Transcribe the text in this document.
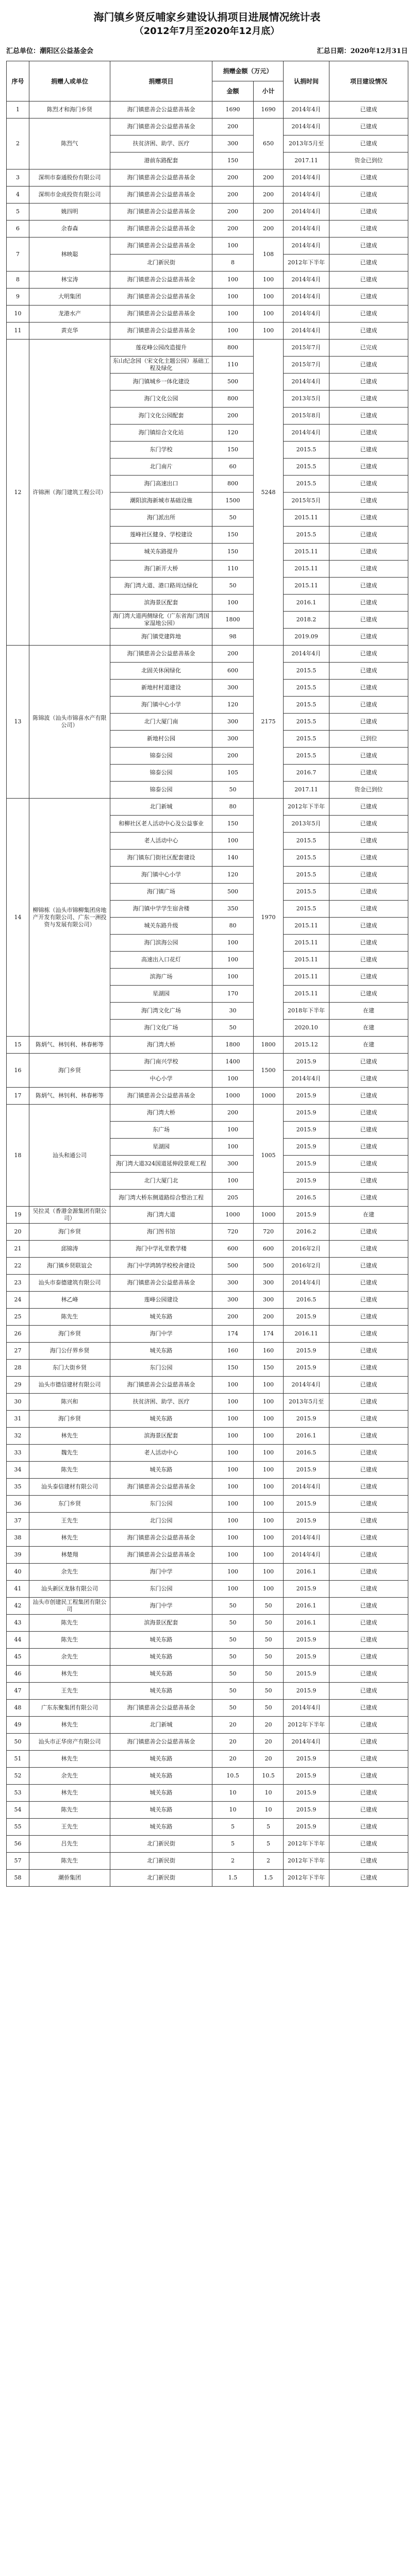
海门镇乡贤反哺家乡建设认捐项目进展情况统计表
（2012年7月至2020年12月底）
汇总单位：潮阳区公益基金会	汇总日期：2020年12月31日
序号	捐赠人或单位	捐赠项目	捐赠金额（万元）		认捐时间	项目建设情况
			金额	小计		
1	陈烈才和海门乡贤	海门镇慈善会公益慈善基金	1690	1690	2014年4月	已建成
2	陈烈气	海门镇慈善会公益慈善基金	200	650	2014年4月	已建成
		扶贫济困、助学、医疗	300		2013年5月至	已建成
		港前东路配套	150		2017.11	资金已到位
3	深圳市泰通股份有限公司	海门镇慈善会公益慈善基金	200	200	2014年4月	已建成
4	深圳市金成投资有限公司	海门镇慈善会公益慈善基金	200	200	2014年4月	已建成
5	姚四明	海门镇慈善会公益慈善基金	200	200	2014年4月	已建成
6	余春森	海门镇慈善会公益慈善基金	200	200	2014年4月	已建成
7	林映聪	海门镇慈善会公益慈善基金	100	108	2014年4月	已建成
		北门新民街	8		2012年下半年	已建成
8	林宝涛	海门镇慈善会公益慈善基金	100	100	2014年4月	已建成
9	大明集团	海门镇慈善会公益慈善基金	100	100	2014年4月	已建成
10	龙港水产	海门镇慈善会公益慈善基金	100	100	2014年4月	已建成
11	黄克华	海门镇慈善会公益慈善基金	100	100	2014年4月	已建成
12	许锦洲（海门建筑工程公司）	莲花峰公园改造提升	800	5248	2015年7月	已完成
		东山纪念园（宋文化主题公园）基础工程及绿化	110		2015年7月	已建成
		海门镇城乡一体化建设	500		2014年4月	已建成
		海门文化公园	800		2013年5月	已建成
		海门文化公园配套	200		2015年8月	已建成
		海门镇综合文化站	120		2014年4月	已建成
		东门学校	150		2015.5	已建成
		北门南片	60		2015.5	已建成
		海门高速出口	800		2015.5	已建成
		潮阳滨海新城市基础设施	1500		2015年5月	已建成
		海门派出所	50		2015.11	已建成
		莲峰社区健身、学校建设	150		2015.5	已建成
		城关东路提升	150		2015.11	已建成
		海门新开大桥	110		2015.11	已建成
		海门湾大道、港口路周边绿化	50		2015.11	已建成
		滨海景区配套	100		2016.1	已建成
		海门湾大道两侧绿化（广东省海门湾国家湿地公园）	1800		2018.2	已建成
		海门镇党建阵地	98		2019.09	已建成
13	陈锦波（汕头市锦喜水产有限公司）	海门镇慈善会公益慈善基金	200	2175	2014年4月	已建成
		北固关休闲绿化	600		2015.5	已建成
		新地村村道建设	300		2015.5	已建成
		海门镇中心小学	120		2015.5	已建成
		北门大厦门南	300		2015.5	已建成
		新地村公园	300		2015.5	已到位
		锦泰公园	200		2015.5	已建成
		锦泰公园	105		2016.7	已建成
		锦泰公园	50		2017.11	资金已到位
14	柳锦栋（汕头市锦柳集团房地产开发有限公司、广东一洲投资与发展有限公司）	北门新城	80	1970	2012年下半年	已建成
		和柳社区老人活动中心及公益事业	150		2013年5月	已建成
		老人活动中心	100		2015.5	已建成
		海门镇东门街社区配套建设	140		2015.5	已建成
		海门镇中心小学	120		2015.5	已建成
		海门镇广场	500		2015.5	已建成
		海门镇中学学生宿舍楼	350		2015.5	已建成
		城关东路升级	80		2015.11	已建成
		海门滨海公园	100		2015.11	已建成
		高速出入口花灯	100		2015.11	已建成
		滨海广场	100		2015.11	已建成
		星湖园	170		2015.11	已建成
		海门湾文化广场	30		2018年下半年	在建
		海门文化广场	50		2020.10	在建
15	陈炳气、林钊利、林春彬等	海门湾大桥	1800	1800	2015.12	在建
16	海门乡贤	海门南兴学校	1400	1500	2015.9	已建成
		中心小学	100		2014年4月	已建成
17	陈炳气、林钊利、林春彬等	海门镇慈善会公益慈善基金	1000	1000	2015.9	已建成
18	汕头和通公司	海门湾大桥	200	1005	2015.9	已建成
		东广场	100		2015.9	已建成
		星湖园	100		2015.9	已建成
		海门湾大道324国道延伸段景观工程	300		2015.9	已建成
		北门大厦门北	100		2015.9	已建成
		海门湾大桥东侧道路综合整治工程	205		2016.5	已建成
19	吴拉灵（香港金源集团有限公司）	海门湾大道	1000	1000	2015.9	在建
20	海门乡贤	海门图书馆	720	720	2016.2	已建成
21	邱锦涛	海门中学礼堂教学楼	600	600	2016年2月	已建成
22	海门镇乡贤联谊会	海门中学鸿鹄学校校舍建设	500	500	2016年2月	已建成
23	汕头市泰德建筑有限公司	海门镇慈善会公益慈善基金	300	300	2014年4月	已建成
24	林乙峰	莲峰公园建设	300	300	2016.5	已建成
25	陈先生	城关东路	200	200	2015.9	已建成
26	海门乡贤	海门中学	174	174	2016.11	已建成
27	海门公仔界乡贤	城关东路	160	160	2015.9	已建成
28	东门大街乡贤	东门公园	150	150	2015.9	已建成
29	汕头市德信建材有限公司	海门镇慈善会公益慈善基金	100	100	2014年4月	已建成
30	陈兴和	扶贫济困、助学、医疗	100	100	2013年5月至	已建成
31	海门乡贤	城关东路	100	100	2015.9	已建成
32	林先生	滨海景区配套	100	100	2016.1	已建成
33	魏先生	老人活动中心	100	100	2016.5	已建成
34	陈先生	城关东路	100	100	2015.9	已建成
35	汕头泰信建材有限公司	海门镇慈善会公益慈善基金	100	100	2014年4月	已建成
36	东门乡贤	东门公园	100	100	2015.9	已建成
37	王先生	北门公园	100	100	2015.9	已建成
38	林先生	海门镇慈善会公益慈善基金	100	100	2014年4月	已建成
39	林楚翔	海门镇慈善会公益慈善基金	100	100	2014年4月	已建成
40	余先生	海门中学	100	100	2016.1	已建成
41	汕头新区龙脉有限公司	东门公园	100	100	2015.9	已建成
42	汕头市创建民工程集团有限公司	海门中学	50	50	2016.1	已建成
43	陈先生	滨海景区配套	50	50	2016.1	已建成
44	陈先生	城关东路	50	50	2015.9	已建成
45	余先生	城关东路	50	50	2015.9	已建成
46	林先生	城关东路	50	50	2015.9	已建成
47	王先生	城关东路	50	50	2015.9	已建成
48	广东东聚集团有限公司	海门镇慈善会公益慈善基金	50	50	2014年4月	已建成
49	林先生	北门新城	20	20	2012年下半年	已建成
50	汕头市正华房产有限公司	海门镇慈善会公益慈善基金	20	20	2014年4月	已建成
51	林先生	城关东路	20	20	2015.9	已建成
52	余先生	城关东路	10.5	10.5	2015.9	已建成
53	林先生	城关东路	10	10	2015.9	已建成
54	陈先生	城关东路	10	10	2015.9	已建成
55	王先生	城关东路	5	5	2015.9	已建成
56	吕先生	北门新民街	5	5	2012年下半年	已建成
57	陈先生	北门新民街	2	2	2012年下半年	已建成
58	潮侨集团	北门新民街	1.5	1.5	2012年下半年	已建成
